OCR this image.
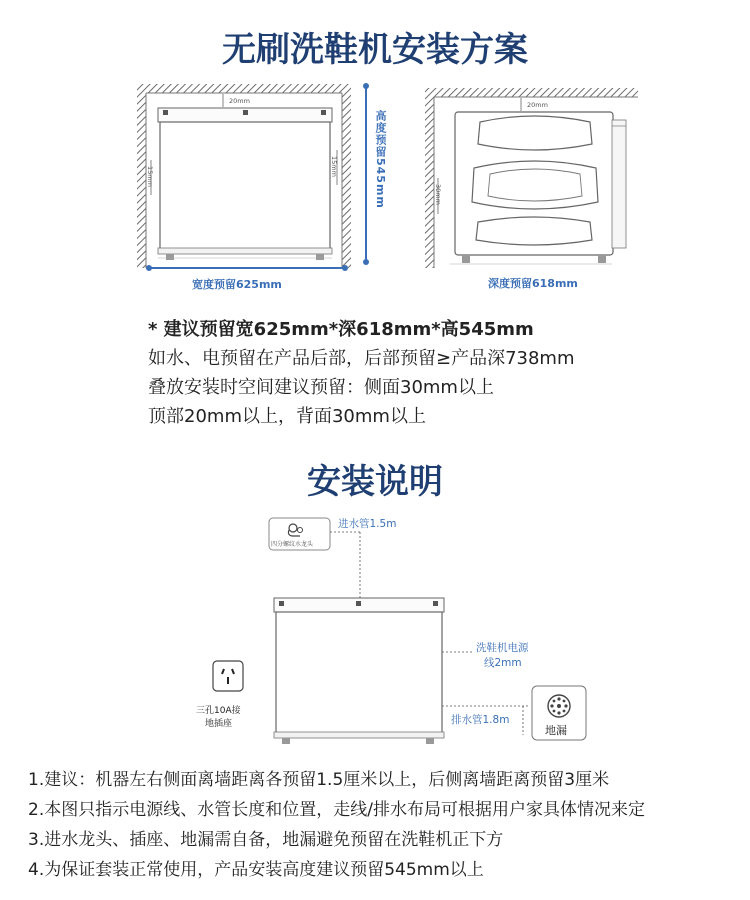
无刷洗鞋机安装方案
安装说明
20mm
15mm	15mm
宽度预留625mm
高度预留545mm
20mm
30mm
深度预留618mm
* 建议预留宽625mm*深618mm*高545mm
如水、电预留在产品后部，后部预留≥产品深738mm
叠放安装时空间建议预留：侧面30mm以上
顶部20mm以上，背面30mm以上
四分螺纹水龙头
进水管1.5m
洗鞋机电源
线2mm
排水管1.8m
三孔10A接
地插座	地漏
1.建议：机器左右侧面离墙距离各预留1.5厘米以上，后侧离墙距离预留3厘米
2.本图只指示电源线、水管长度和位置，走线/排水布局可根据用户家具体情况来定
3.进水龙头、插座、地漏需自备，地漏避免预留在洗鞋机正下方
4.为保证套装正常使用，产品安装高度建议预留545mm以上
